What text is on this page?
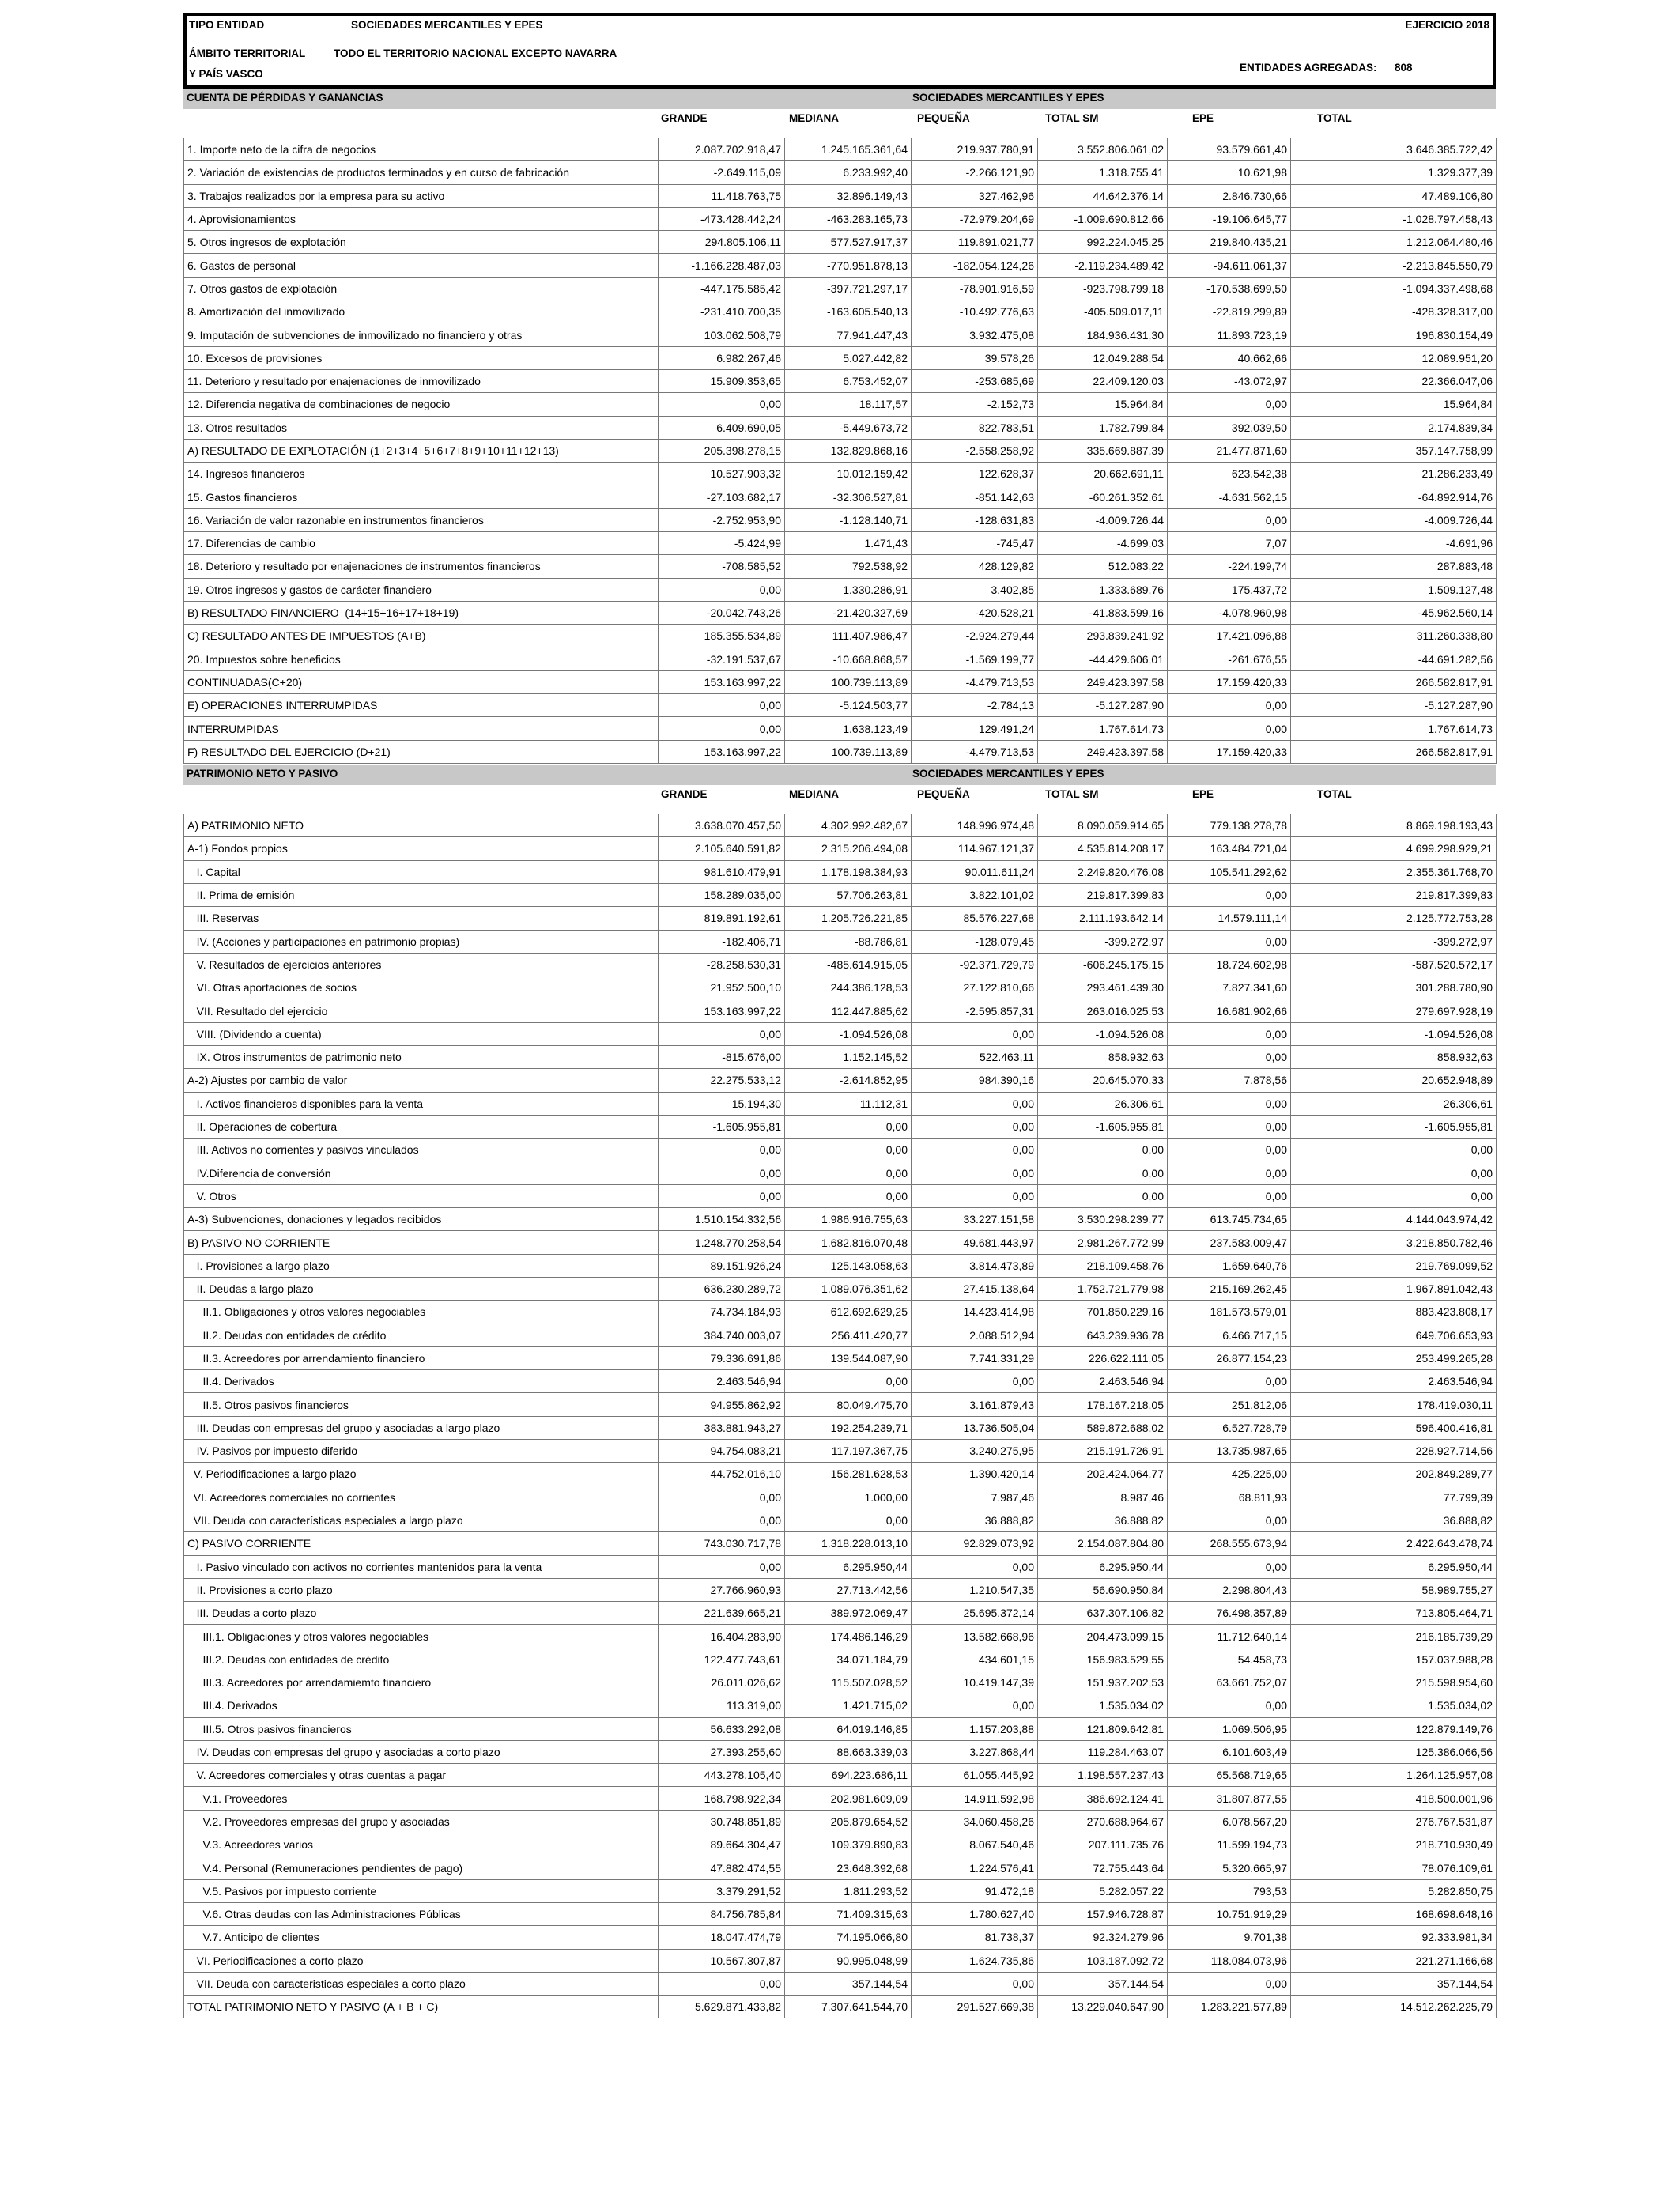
TIPO ENTIDAD	SOCIEDADES MERCANTILES Y EPES	EJERCICIO 2018
ÁMBITO TERRITORIAL	TODO EL TERRITORIO NACIONAL EXCEPTO NAVARRA
Y PAÍS VASCO
ENTIDADES AGREGADAS: 808
CUENTA DE PÉRDIDAS Y GANANCIAS	SOCIEDADES MERCANTILES Y EPES
GRANDE	MEDIANA	PEQUEÑA	TOTAL SM	EPE	TOTAL
1. Importe neto de la cifra de negocios	2.087.702.918,47	1.245.165.361,64	219.937.780,91	3.552.806.061,02	93.579.661,40	3.646.385.722,42
2. Variación de existencias de productos terminados y en curso de fabricación	-2.649.115,09	6.233.992,40	-2.266.121,90	1.318.755,41	10.621,98	1.329.377,39
3. Trabajos realizados por la empresa para su activo	11.418.763,75	32.896.149,43	327.462,96	44.642.376,14	2.846.730,66	47.489.106,80
4. Aprovisionamientos	-473.428.442,24	-463.283.165,73	-72.979.204,69	-1.009.690.812,66	-19.106.645,77	-1.028.797.458,43
5. Otros ingresos de explotación	294.805.106,11	577.527.917,37	119.891.021,77	992.224.045,25	219.840.435,21	1.212.064.480,46
6. Gastos de personal	-1.166.228.487,03	-770.951.878,13	-182.054.124,26	-2.119.234.489,42	-94.611.061,37	-2.213.845.550,79
7. Otros gastos de explotación	-447.175.585,42	-397.721.297,17	-78.901.916,59	-923.798.799,18	-170.538.699,50	-1.094.337.498,68
8. Amortización del inmovilizado	-231.410.700,35	-163.605.540,13	-10.492.776,63	-405.509.017,11	-22.819.299,89	-428.328.317,00
9. Imputación de subvenciones de inmovilizado no financiero y otras	103.062.508,79	77.941.447,43	3.932.475,08	184.936.431,30	11.893.723,19	196.830.154,49
10. Excesos de provisiones	6.982.267,46	5.027.442,82	39.578,26	12.049.288,54	40.662,66	12.089.951,20
11. Deterioro y resultado por enajenaciones de inmovilizado	15.909.353,65	6.753.452,07	-253.685,69	22.409.120,03	-43.072,97	22.366.047,06
12. Diferencia negativa de combinaciones de negocio	0,00	18.117,57	-2.152,73	15.964,84	0,00	15.964,84
13. Otros resultados	6.409.690,05	-5.449.673,72	822.783,51	1.782.799,84	392.039,50	2.174.839,34
A) RESULTADO DE EXPLOTACIÓN (1+2+3+4+5+6+7+8+9+10+11+12+13)	205.398.278,15	132.829.868,16	-2.558.258,92	335.669.887,39	21.477.871,60	357.147.758,99
14. Ingresos financieros	10.527.903,32	10.012.159,42	122.628,37	20.662.691,11	623.542,38	21.286.233,49
15. Gastos financieros	-27.103.682,17	-32.306.527,81	-851.142,63	-60.261.352,61	-4.631.562,15	-64.892.914,76
16. Variación de valor razonable en instrumentos financieros	-2.752.953,90	-1.128.140,71	-128.631,83	-4.009.726,44	0,00	-4.009.726,44
17. Diferencias de cambio	-5.424,99	1.471,43	-745,47	-4.699,03	7,07	-4.691,96
18. Deterioro y resultado por enajenaciones de instrumentos financieros	-708.585,52	792.538,92	428.129,82	512.083,22	-224.199,74	287.883,48
19. Otros ingresos y gastos de carácter financiero	0,00	1.330.286,91	3.402,85	1.333.689,76	175.437,72	1.509.127,48
B) RESULTADO FINANCIERO  (14+15+16+17+18+19)	-20.042.743,26	-21.420.327,69	-420.528,21	-41.883.599,16	-4.078.960,98	-45.962.560,14
C) RESULTADO ANTES DE IMPUESTOS (A+B)	185.355.534,89	111.407.986,47	-2.924.279,44	293.839.241,92	17.421.096,88	311.260.338,80
20. Impuestos sobre beneficios	-32.191.537,67	-10.668.868,57	-1.569.199,77	-44.429.606,01	-261.676,55	-44.691.282,56
CONTINUADAS(C+20)	153.163.997,22	100.739.113,89	-4.479.713,53	249.423.397,58	17.159.420,33	266.582.817,91
E) OPERACIONES INTERRUMPIDAS	0,00	-5.124.503,77	-2.784,13	-5.127.287,90	0,00	-5.127.287,90
INTERRUMPIDAS	0,00	1.638.123,49	129.491,24	1.767.614,73	0,00	1.767.614,73
F) RESULTADO DEL EJERCICIO (D+21)	153.163.997,22	100.739.113,89	-4.479.713,53	249.423.397,58	17.159.420,33	266.582.817,91
PATRIMONIO NETO Y PASIVO	SOCIEDADES MERCANTILES Y EPES
GRANDE	MEDIANA	PEQUEÑA	TOTAL SM	EPE	TOTAL
A) PATRIMONIO NETO	3.638.070.457,50	4.302.992.482,67	148.996.974,48	8.090.059.914,65	779.138.278,78	8.869.198.193,43
A-1) Fondos propios	2.105.640.591,82	2.315.206.494,08	114.967.121,37	4.535.814.208,17	163.484.721,04	4.699.298.929,21
I. Capital	981.610.479,91	1.178.198.384,93	90.011.611,24	2.249.820.476,08	105.541.292,62	2.355.361.768,70
II. Prima de emisión	158.289.035,00	57.706.263,81	3.822.101,02	219.817.399,83	0,00	219.817.399,83
III. Reservas	819.891.192,61	1.205.726.221,85	85.576.227,68	2.111.193.642,14	14.579.111,14	2.125.772.753,28
IV. (Acciones y participaciones en patrimonio propias)	-182.406,71	-88.786,81	-128.079,45	-399.272,97	0,00	-399.272,97
V. Resultados de ejercicios anteriores	-28.258.530,31	-485.614.915,05	-92.371.729,79	-606.245.175,15	18.724.602,98	-587.520.572,17
VI. Otras aportaciones de socios	21.952.500,10	244.386.128,53	27.122.810,66	293.461.439,30	7.827.341,60	301.288.780,90
VII. Resultado del ejercicio	153.163.997,22	112.447.885,62	-2.595.857,31	263.016.025,53	16.681.902,66	279.697.928,19
VIII. (Dividendo a cuenta)	0,00	-1.094.526,08	0,00	-1.094.526,08	0,00	-1.094.526,08
IX. Otros instrumentos de patrimonio neto	-815.676,00	1.152.145,52	522.463,11	858.932,63	0,00	858.932,63
A-2) Ajustes por cambio de valor	22.275.533,12	-2.614.852,95	984.390,16	20.645.070,33	7.878,56	20.652.948,89
I. Activos financieros disponibles para la venta	15.194,30	11.112,31	0,00	26.306,61	0,00	26.306,61
II. Operaciones de cobertura	-1.605.955,81	0,00	0,00	-1.605.955,81	0,00	-1.605.955,81
III. Activos no corrientes y pasivos vinculados	0,00	0,00	0,00	0,00	0,00	0,00
IV.Diferencia de conversión	0,00	0,00	0,00	0,00	0,00	0,00
V. Otros	0,00	0,00	0,00	0,00	0,00	0,00
A-3) Subvenciones, donaciones y legados recibidos	1.510.154.332,56	1.986.916.755,63	33.227.151,58	3.530.298.239,77	613.745.734,65	4.144.043.974,42
B) PASIVO NO CORRIENTE	1.248.770.258,54	1.682.816.070,48	49.681.443,97	2.981.267.772,99	237.583.009,47	3.218.850.782,46
I. Provisiones a largo plazo	89.151.926,24	125.143.058,63	3.814.473,89	218.109.458,76	1.659.640,76	219.769.099,52
II. Deudas a largo plazo	636.230.289,72	1.089.076.351,62	27.415.138,64	1.752.721.779,98	215.169.262,45	1.967.891.042,43
II.1. Obligaciones y otros valores negociables	74.734.184,93	612.692.629,25	14.423.414,98	701.850.229,16	181.573.579,01	883.423.808,17
II.2. Deudas con entidades de crédito	384.740.003,07	256.411.420,77	2.088.512,94	643.239.936,78	6.466.717,15	649.706.653,93
II.3. Acreedores por arrendamiento financiero	79.336.691,86	139.544.087,90	7.741.331,29	226.622.111,05	26.877.154,23	253.499.265,28
II.4. Derivados	2.463.546,94	0,00	0,00	2.463.546,94	0,00	2.463.546,94
II.5. Otros pasivos financieros	94.955.862,92	80.049.475,70	3.161.879,43	178.167.218,05	251.812,06	178.419.030,11
III. Deudas con empresas del grupo y asociadas a largo plazo	383.881.943,27	192.254.239,71	13.736.505,04	589.872.688,02	6.527.728,79	596.400.416,81
IV. Pasivos por impuesto diferido	94.754.083,21	117.197.367,75	3.240.275,95	215.191.726,91	13.735.987,65	228.927.714,56
V. Periodificaciones a largo plazo	44.752.016,10	156.281.628,53	1.390.420,14	202.424.064,77	425.225,00	202.849.289,77
VI. Acreedores comerciales no corrientes	0,00	1.000,00	7.987,46	8.987,46	68.811,93	77.799,39
VII. Deuda con características especiales a largo plazo	0,00	0,00	36.888,82	36.888,82	0,00	36.888,82
C) PASIVO CORRIENTE	743.030.717,78	1.318.228.013,10	92.829.073,92	2.154.087.804,80	268.555.673,94	2.422.643.478,74
I. Pasivo vinculado con activos no corrientes mantenidos para la venta	0,00	6.295.950,44	0,00	6.295.950,44	0,00	6.295.950,44
II. Provisiones a corto plazo	27.766.960,93	27.713.442,56	1.210.547,35	56.690.950,84	2.298.804,43	58.989.755,27
III. Deudas a corto plazo	221.639.665,21	389.972.069,47	25.695.372,14	637.307.106,82	76.498.357,89	713.805.464,71
III.1. Obligaciones y otros valores negociables	16.404.283,90	174.486.146,29	13.582.668,96	204.473.099,15	11.712.640,14	216.185.739,29
III.2. Deudas con entidades de crédito	122.477.743,61	34.071.184,79	434.601,15	156.983.529,55	54.458,73	157.037.988,28
III.3. Acreedores por arrendamiemto financiero	26.011.026,62	115.507.028,52	10.419.147,39	151.937.202,53	63.661.752,07	215.598.954,60
III.4. Derivados	113.319,00	1.421.715,02	0,00	1.535.034,02	0,00	1.535.034,02
III.5. Otros pasivos financieros	56.633.292,08	64.019.146,85	1.157.203,88	121.809.642,81	1.069.506,95	122.879.149,76
IV. Deudas con empresas del grupo y asociadas a corto plazo	27.393.255,60	88.663.339,03	3.227.868,44	119.284.463,07	6.101.603,49	125.386.066,56
V. Acreedores comerciales y otras cuentas a pagar	443.278.105,40	694.223.686,11	61.055.445,92	1.198.557.237,43	65.568.719,65	1.264.125.957,08
V.1. Proveedores	168.798.922,34	202.981.609,09	14.911.592,98	386.692.124,41	31.807.877,55	418.500.001,96
V.2. Proveedores empresas del grupo y asociadas	30.748.851,89	205.879.654,52	34.060.458,26	270.688.964,67	6.078.567,20	276.767.531,87
V.3. Acreedores varios	89.664.304,47	109.379.890,83	8.067.540,46	207.111.735,76	11.599.194,73	218.710.930,49
V.4. Personal (Remuneraciones pendientes de pago)	47.882.474,55	23.648.392,68	1.224.576,41	72.755.443,64	5.320.665,97	78.076.109,61
V.5. Pasivos por impuesto corriente	3.379.291,52	1.811.293,52	91.472,18	5.282.057,22	793,53	5.282.850,75
V.6. Otras deudas con las Administraciones Públicas	84.756.785,84	71.409.315,63	1.780.627,40	157.946.728,87	10.751.919,29	168.698.648,16
V.7. Anticipo de clientes	18.047.474,79	74.195.066,80	81.738,37	92.324.279,96	9.701,38	92.333.981,34
VI. Periodificaciones a corto plazo	10.567.307,87	90.995.048,99	1.624.735,86	103.187.092,72	118.084.073,96	221.271.166,68
VII. Deuda con caracteristicas especiales a corto plazo	0,00	357.144,54	0,00	357.144,54	0,00	357.144,54
TOTAL PATRIMONIO NETO Y PASIVO (A + B + C)	5.629.871.433,82	7.307.641.544,70	291.527.669,38	13.229.040.647,90	1.283.221.577,89	14.512.262.225,79
